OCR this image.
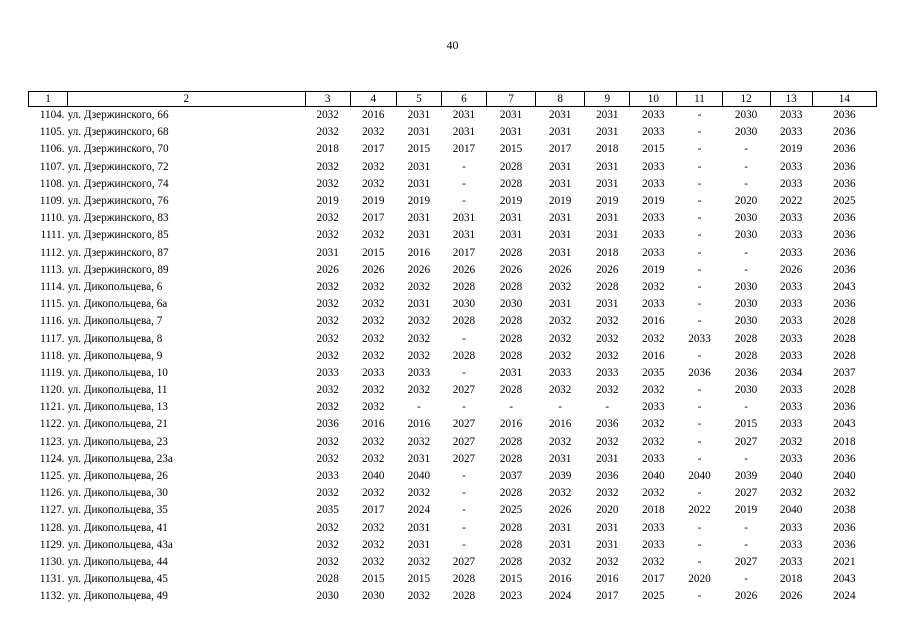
40
1	2	3	4	5	6	7	8	9	10	11	12	13	14
1104.	ул. Дзержинского, 66	2032	2016	2031	2031	2031	2031	2031	2033	-	2030	2033	2036
1105.	ул. Дзержинского, 68	2032	2032	2031	2031	2031	2031	2031	2033	-	2030	2033	2036
1106.	ул. Дзержинского, 70	2018	2017	2015	2017	2015	2017	2018	2015	-	-	2019	2036
1107.	ул. Дзержинского, 72	2032	2032	2031	-	2028	2031	2031	2033	-	-	2033	2036
1108.	ул. Дзержинского, 74	2032	2032	2031	-	2028	2031	2031	2033	-	-	2033	2036
1109.	ул. Дзержинского, 76	2019	2019	2019	-	2019	2019	2019	2019	-	2020	2022	2025
1110.	ул. Дзержинского, 83	2032	2017	2031	2031	2031	2031	2031	2033	-	2030	2033	2036
1111.	ул. Дзержинского, 85	2032	2032	2031	2031	2031	2031	2031	2033	-	2030	2033	2036
1112.	ул. Дзержинского, 87	2031	2015	2016	2017	2028	2031	2018	2033	-	-	2033	2036
1113.	ул. Дзержинского, 89	2026	2026	2026	2026	2026	2026	2026	2019	-	-	2026	2036
1114.	ул. Дикопольцева, 6	2032	2032	2032	2028	2028	2032	2028	2032	-	2030	2033	2043
1115.	ул. Дикопольцева, 6а	2032	2032	2031	2030	2030	2031	2031	2033	-	2030	2033	2036
1116.	ул. Дикопольцева, 7	2032	2032	2032	2028	2028	2032	2032	2016	-	2030	2033	2028
1117.	ул. Дикопольцева, 8	2032	2032	2032	-	2028	2032	2032	2032	2033	2028	2033	2028
1118.	ул. Дикопольцева, 9	2032	2032	2032	2028	2028	2032	2032	2016	-	2028	2033	2028
1119.	ул. Дикопольцева, 10	2033	2033	2033	-	2031	2033	2033	2035	2036	2036	2034	2037
1120.	ул. Дикопольцева, 11	2032	2032	2032	2027	2028	2032	2032	2032	-	2030	2033	2028
1121.	ул. Дикопольцева, 13	2032	2032	-	-	-	-	-	2033	-	-	2033	2036
1122.	ул. Дикопольцева, 21	2036	2016	2016	2027	2016	2016	2036	2032	-	2015	2033	2043
1123.	ул. Дикопольцева, 23	2032	2032	2032	2027	2028	2032	2032	2032	-	2027	2032	2018
1124.	ул. Дикопольцева, 23а	2032	2032	2031	2027	2028	2031	2031	2033	-	-	2033	2036
1125.	ул. Дикопольцева, 26	2033	2040	2040	-	2037	2039	2036	2040	2040	2039	2040	2040
1126.	ул. Дикопольцева, 30	2032	2032	2032	-	2028	2032	2032	2032	-	2027	2032	2032
1127.	ул. Дикопольцева, 35	2035	2017	2024	-	2025	2026	2020	2018	2022	2019	2040	2038
1128.	ул. Дикопольцева, 41	2032	2032	2031	-	2028	2031	2031	2033	-	-	2033	2036
1129.	ул. Дикопольцева, 43а	2032	2032	2031	-	2028	2031	2031	2033	-	-	2033	2036
1130.	ул. Дикопольцева, 44	2032	2032	2032	2027	2028	2032	2032	2032	-	2027	2033	2021
1131.	ул. Дикопольцева, 45	2028	2015	2015	2028	2015	2016	2016	2017	2020	-	2018	2043
1132.	ул. Дикопольцева, 49	2030	2030	2032	2028	2023	2024	2017	2025	-	2026	2026	2024
